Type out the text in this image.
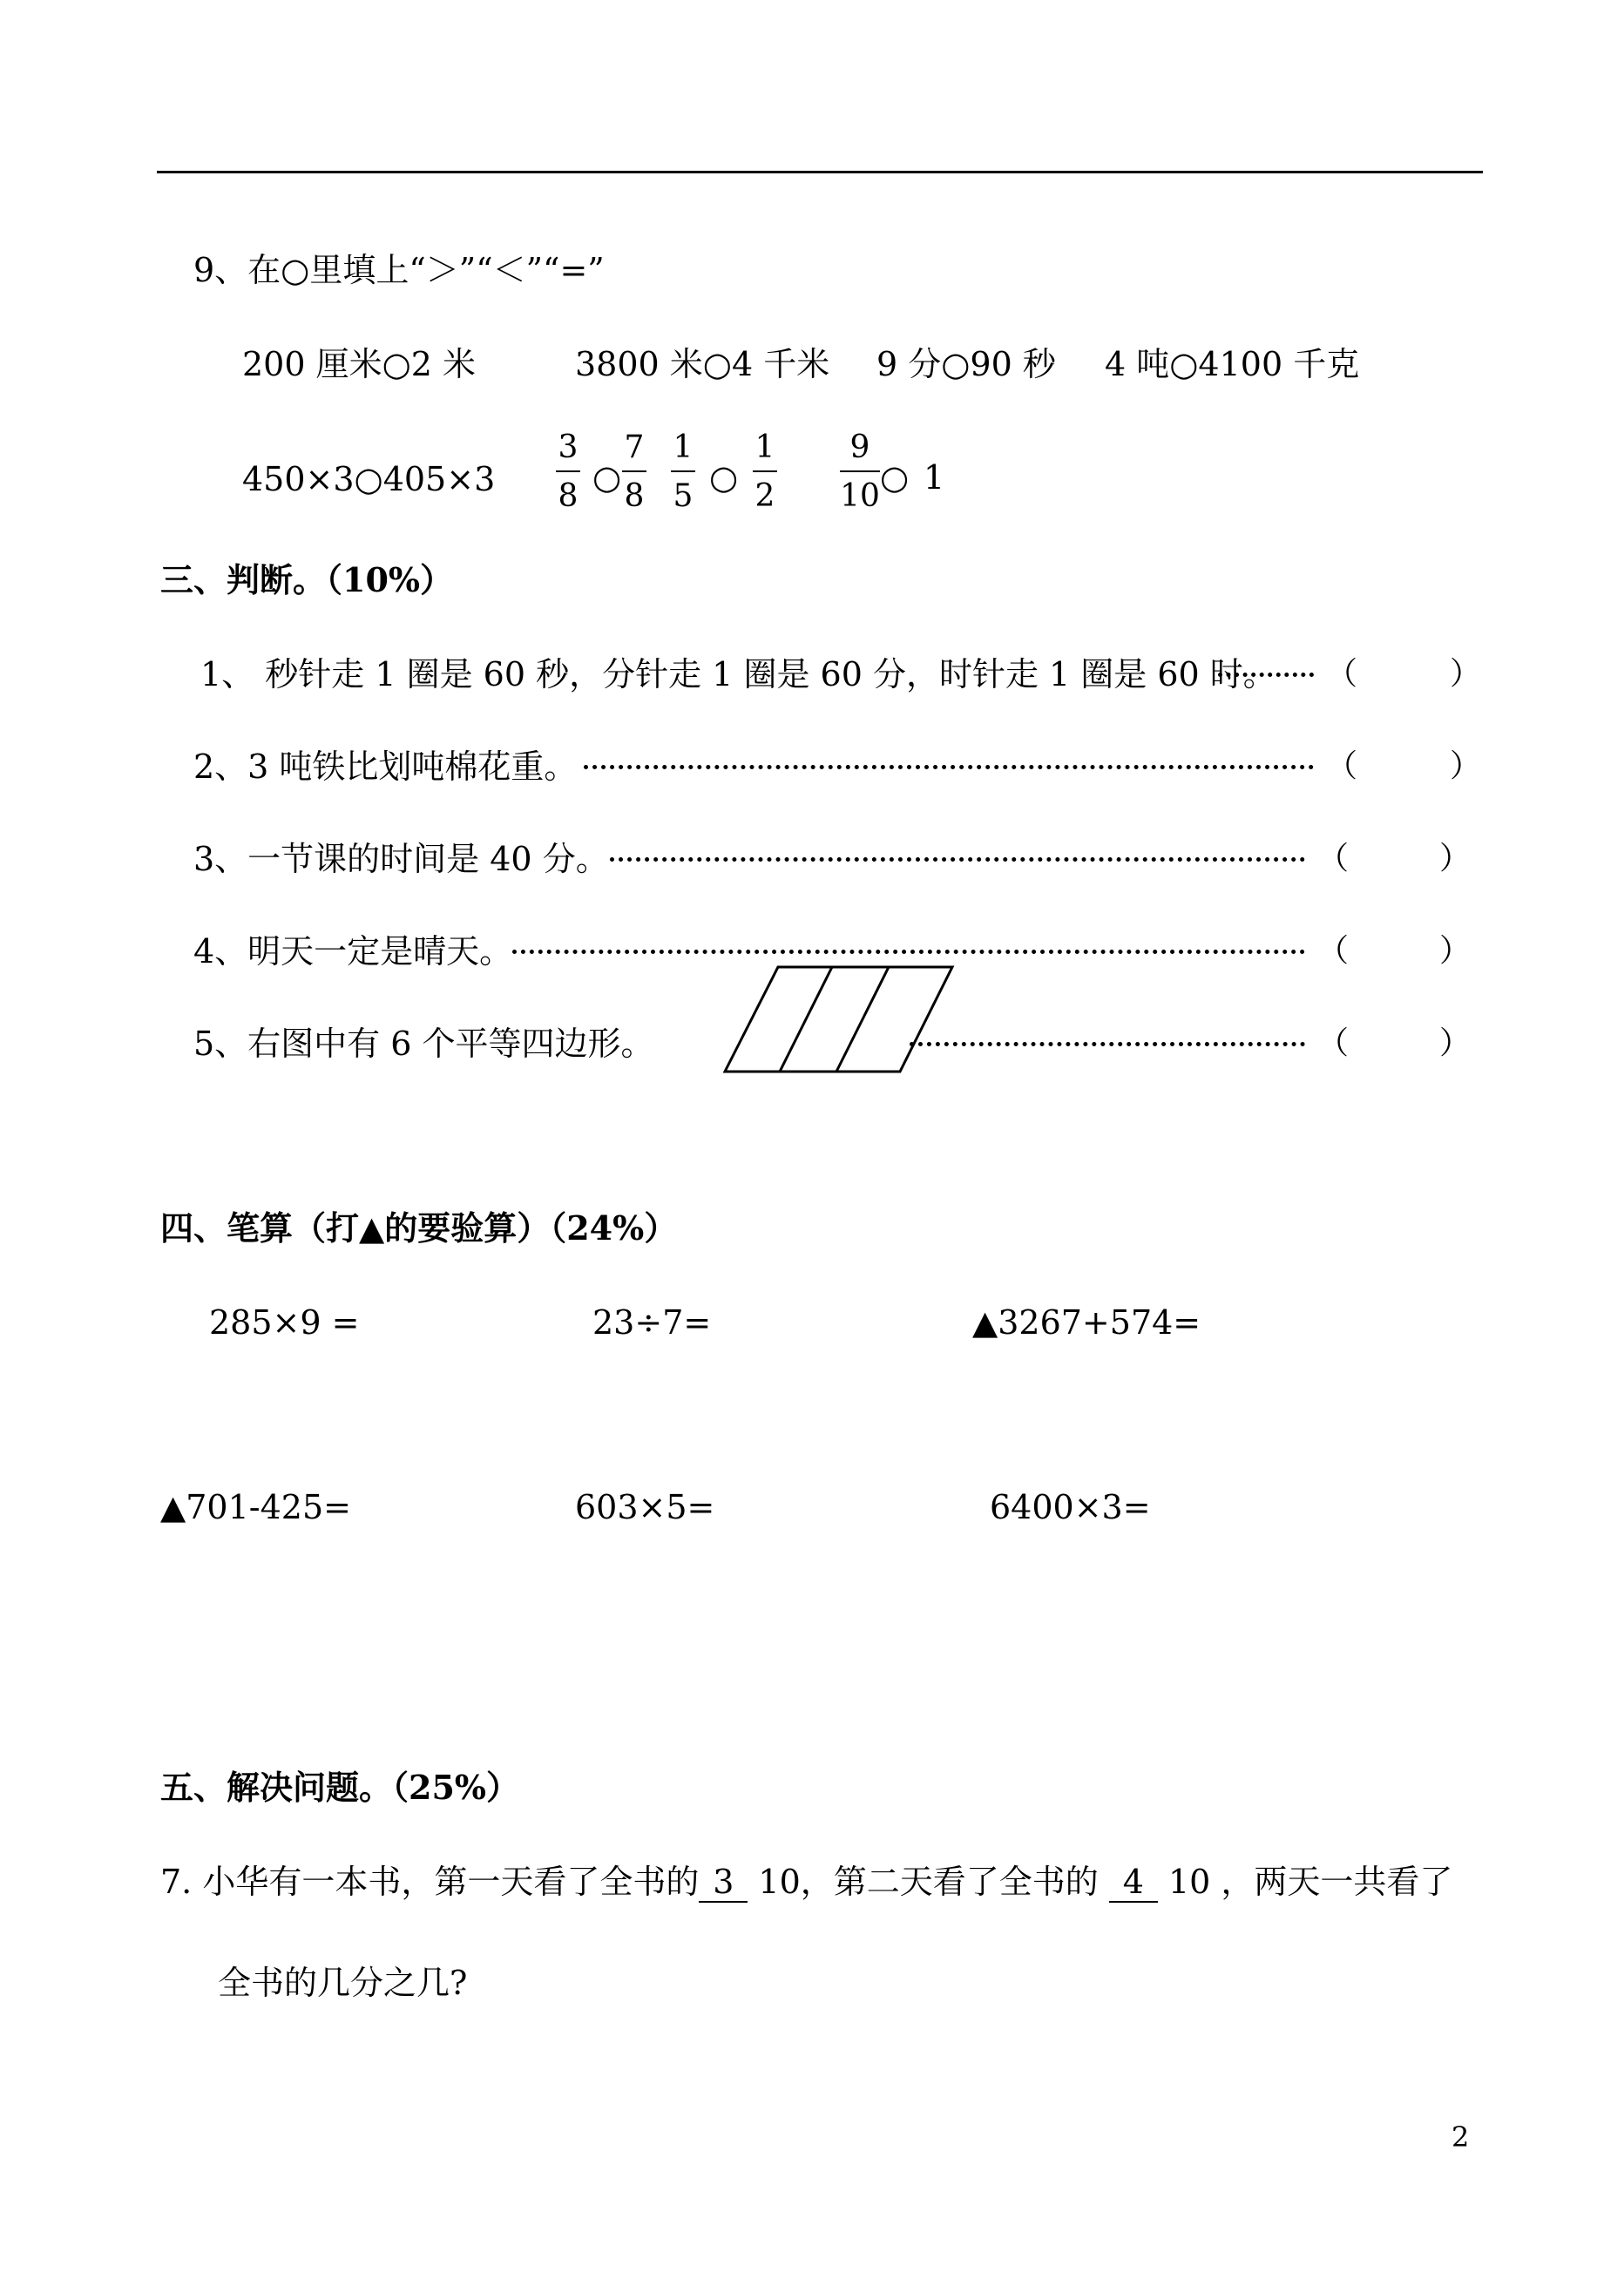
9、在○里填上“＞”“＜”“=”
200 厘米○2 米	3800 米○4 千米 9 分○90 秒 4 吨○4100 千克
450×3○405×3
3
8 ○
7
8
1
5 ○
1
2
9
10 ○ 1
三、判断。（10%）
1、 秒针走 1 圈是 60 秒，分针走 1 圈是 60 分，时针走 1 圈是 60 时。 （	）
2、3 吨铁比划吨棉花重。	（	）
3、一节课的时间是 40 分。	（	）
4、明天一定是晴天。	（	）
5、右图中有 6 个平等四边形。	（	）
四、笔算（打▲的要验算）（24%）
285×9 =	23÷7=	▲3267+574=
▲701-425=	603×5=	6400×3=
五、解决问题。（25%）
7. 小华有一本书，第一天看了全书的 3 10，第二天看了全书的 4 10 ，两天一共看了
全书的几分之几?
2
